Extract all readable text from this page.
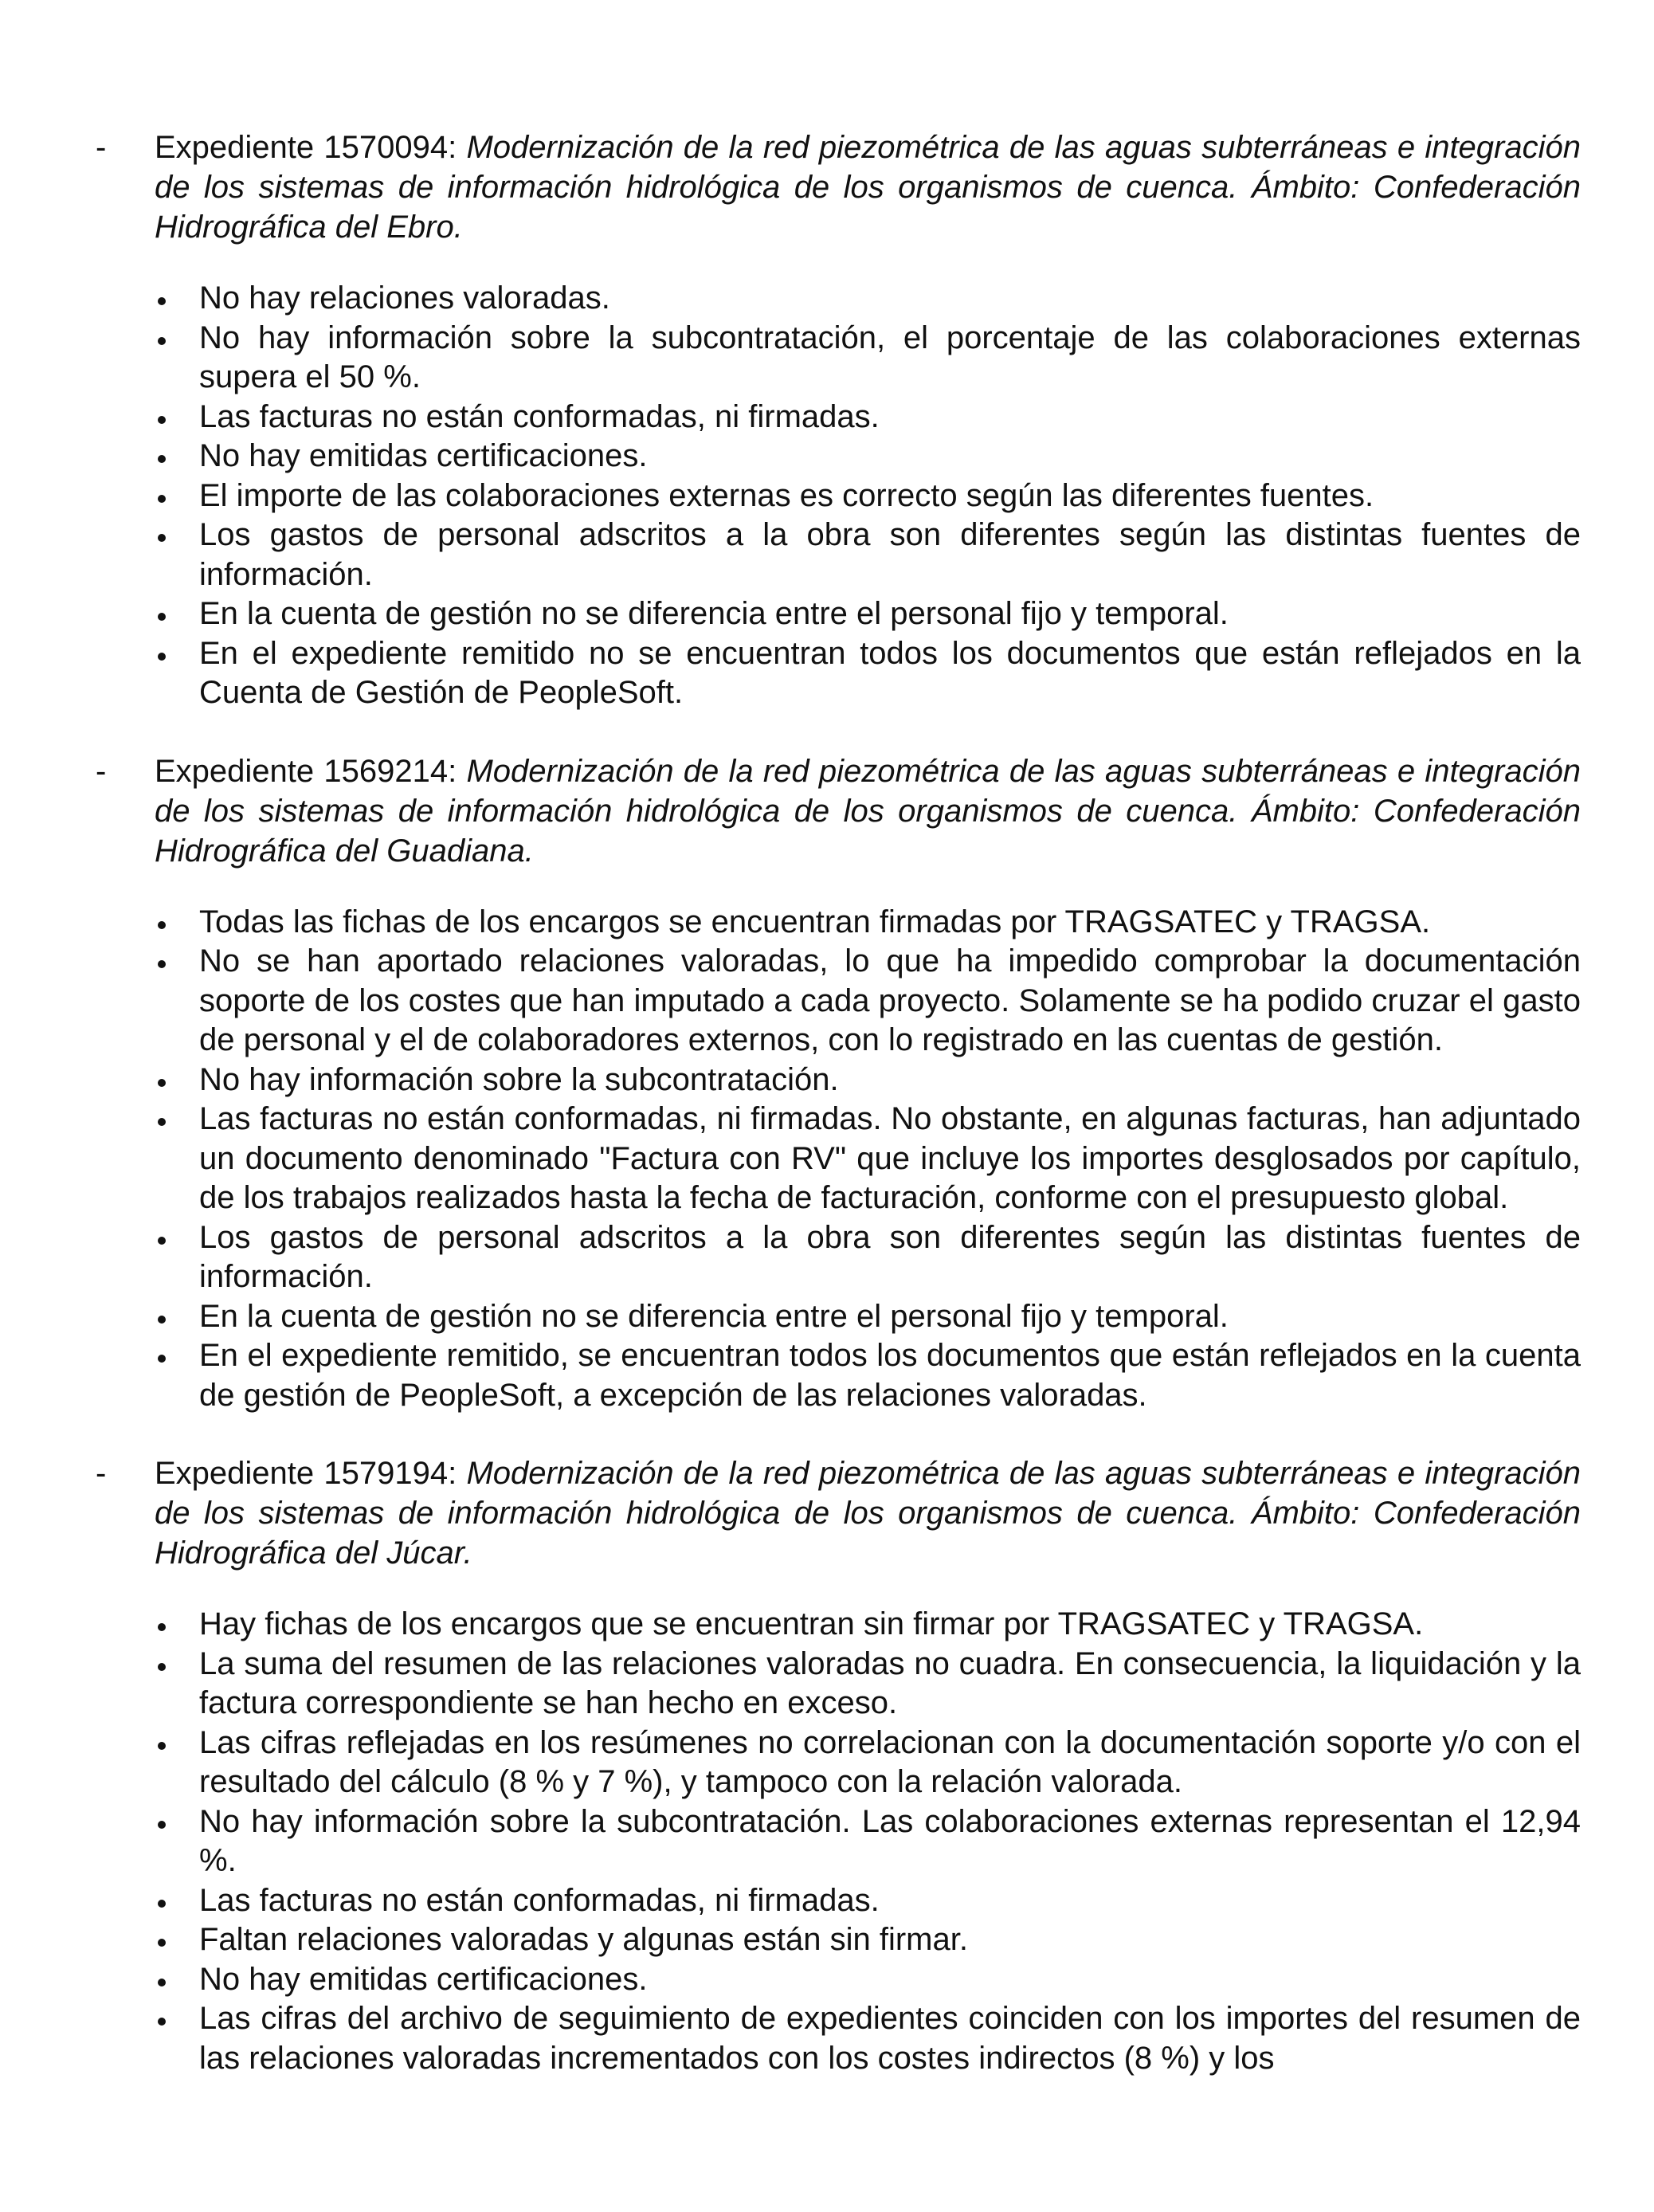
-	Expediente 1570094: Modernización de la red piezométrica de las aguas subterráneas e integración de los sistemas de información hidrológica de los organismos de cuenca. Ámbito: Confederación Hidrográfica del Ebro.

No hay relaciones valoradas.
No hay información sobre la subcontratación, el porcentaje de las colaboraciones externas supera el 50 %.
Las facturas no están conformadas, ni firmadas.
No hay emitidas certificaciones.
El importe de las colaboraciones externas es correcto según las diferentes fuentes.
Los gastos de personal adscritos a la obra son diferentes según las distintas fuentes de información.
En la cuenta de gestión no se diferencia entre el personal fijo y temporal.
En el expediente remitido no se encuentran todos los documentos que están reflejados en la Cuenta de Gestión de PeopleSoft.
-	Expediente 1569214: Modernización de la red piezométrica de las aguas subterráneas e integración de los sistemas de información hidrológica de los organismos de cuenca. Ámbito: Confederación Hidrográfica del Guadiana.

Todas las fichas de los encargos se encuentran firmadas por TRAGSATEC y TRAGSA.
No se han aportado relaciones valoradas, lo que ha impedido comprobar la documentación soporte de los costes que han imputado a cada proyecto. Solamente se ha podido cruzar el gasto de personal y el de colaboradores externos, con lo registrado en las cuentas de gestión.
No hay información sobre la subcontratación.
Las facturas no están conformadas, ni firmadas. No obstante, en algunas facturas, han adjuntado un documento denominado "Factura con RV" que incluye los importes desglosados por capítulo, de los trabajos realizados hasta la fecha de facturación, conforme con el presupuesto global.
Los gastos de personal adscritos a la obra son diferentes según las distintas fuentes de información.
En la cuenta de gestión no se diferencia entre el personal fijo y temporal.
En el expediente remitido, se encuentran todos los documentos que están reflejados en la cuenta de gestión de PeopleSoft, a excepción de las relaciones valoradas.
-	Expediente 1579194: Modernización de la red piezométrica de las aguas subterráneas e integración de los sistemas de información hidrológica de los organismos de cuenca. Ámbito: Confederación Hidrográfica del Júcar.

Hay fichas de los encargos que se encuentran sin firmar por TRAGSATEC y TRAGSA.
La suma del resumen de las relaciones valoradas no cuadra. En consecuencia, la liquidación y la factura correspondiente se han hecho en exceso.
Las cifras reflejadas en los resúmenes no correlacionan con la documentación soporte y/o con el resultado del cálculo (8 % y 7 %), y tampoco con la relación valorada.
No hay información sobre la subcontratación. Las colaboraciones externas representan el 12,94 %.
Las facturas no están conformadas, ni firmadas.
Faltan relaciones valoradas y algunas están sin firmar.
No hay emitidas certificaciones.
Las cifras del archivo de seguimiento de expedientes coinciden con los importes del resumen de las relaciones valoradas incrementados con los costes indirectos (8 %) y los
